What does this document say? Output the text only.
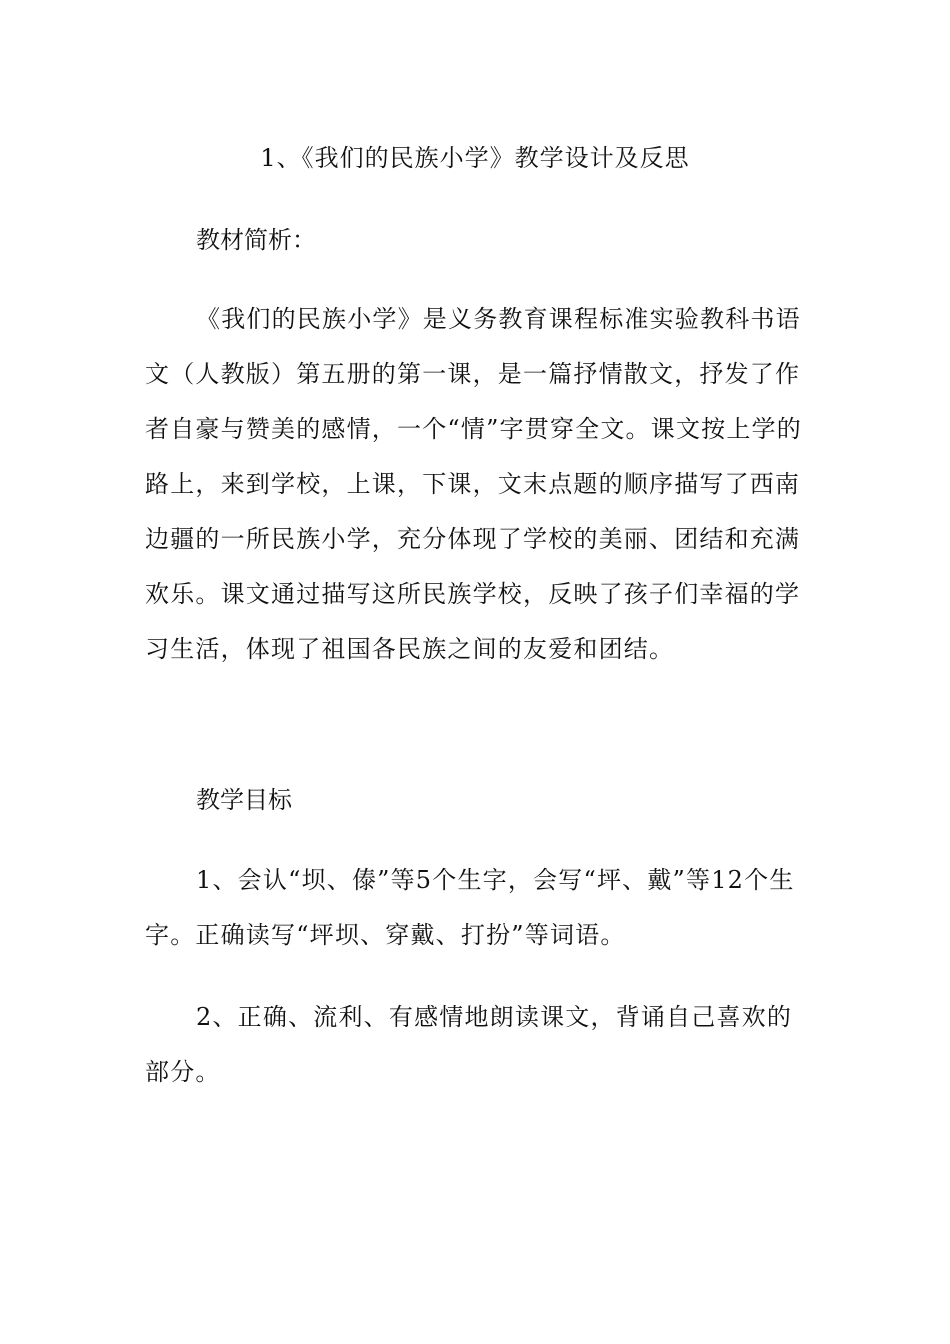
1、《我们的民族小学》教学设计及反思

教材简析：

《我们的民族小学》是义务教育课程标准实验教科书语文（人教版）第五册的第一课，是一篇抒情散文，抒发了作者自豪与赞美的感情，一个“情”字贯穿全文。课文按上学的路上，来到学校，上课，下课，文末点题的顺序描写了西南边疆的一所民族小学，充分体现了学校的美丽、团结和充满欢乐。课文通过描写这所民族学校，反映了孩子们幸福的学习生活，体现了祖国各民族之间的友爱和团结。

教学目标

1、会认“坝、傣”等5个生字，会写“坪、戴”等12个生字。正确读写“坪坝、穿戴、打扮”等词语。

2、正确、流利、有感情地朗读课文，背诵自己喜欢的部分。
